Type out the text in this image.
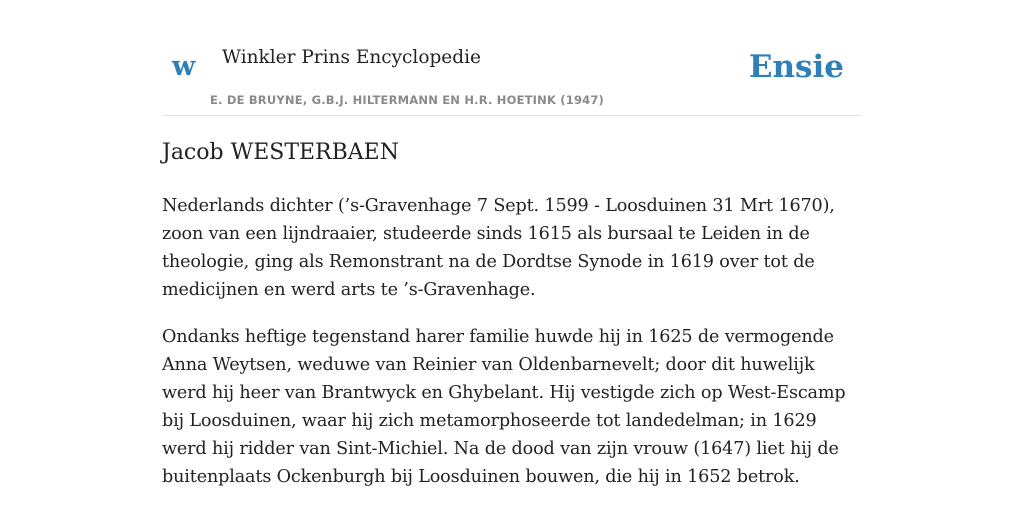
w Winkler Prins Encyclopedie
E. DE BRUYNE, G.B.J. HILTERMANN EN H.R. HOETINK (1947)
Ensie
Jacob WESTERBAEN

Nederlands dichter (’s-Gravenhage 7 Sept. 1599 - Loosduinen 31 Mrt 1670), zoon van een lijndraaier, studeerde sinds 1615 als bursaal te Leiden in de theologie, ging als Remonstrant na de Dordtse Synode in 1619 over tot de medicijnen en werd arts te ’s-Gravenhage.

Ondanks heftige tegenstand harer familie huwde hij in 1625 de vermogende Anna Weytsen, weduwe van Reinier van Oldenbarnevelt; door dit huwelijk werd hij heer van Brantwyck en Ghybelant. Hij vestigde zich op West-Escamp bij Loosduinen, waar hij zich metamorphoseerde tot landedelman; in 1629 werd hij ridder van Sint-Michiel. Na de dood van zijn vrouw (1647) liet hij de buitenplaats Ockenburgh bij Loosduinen bouwen, die hij in 1652 betrok.
